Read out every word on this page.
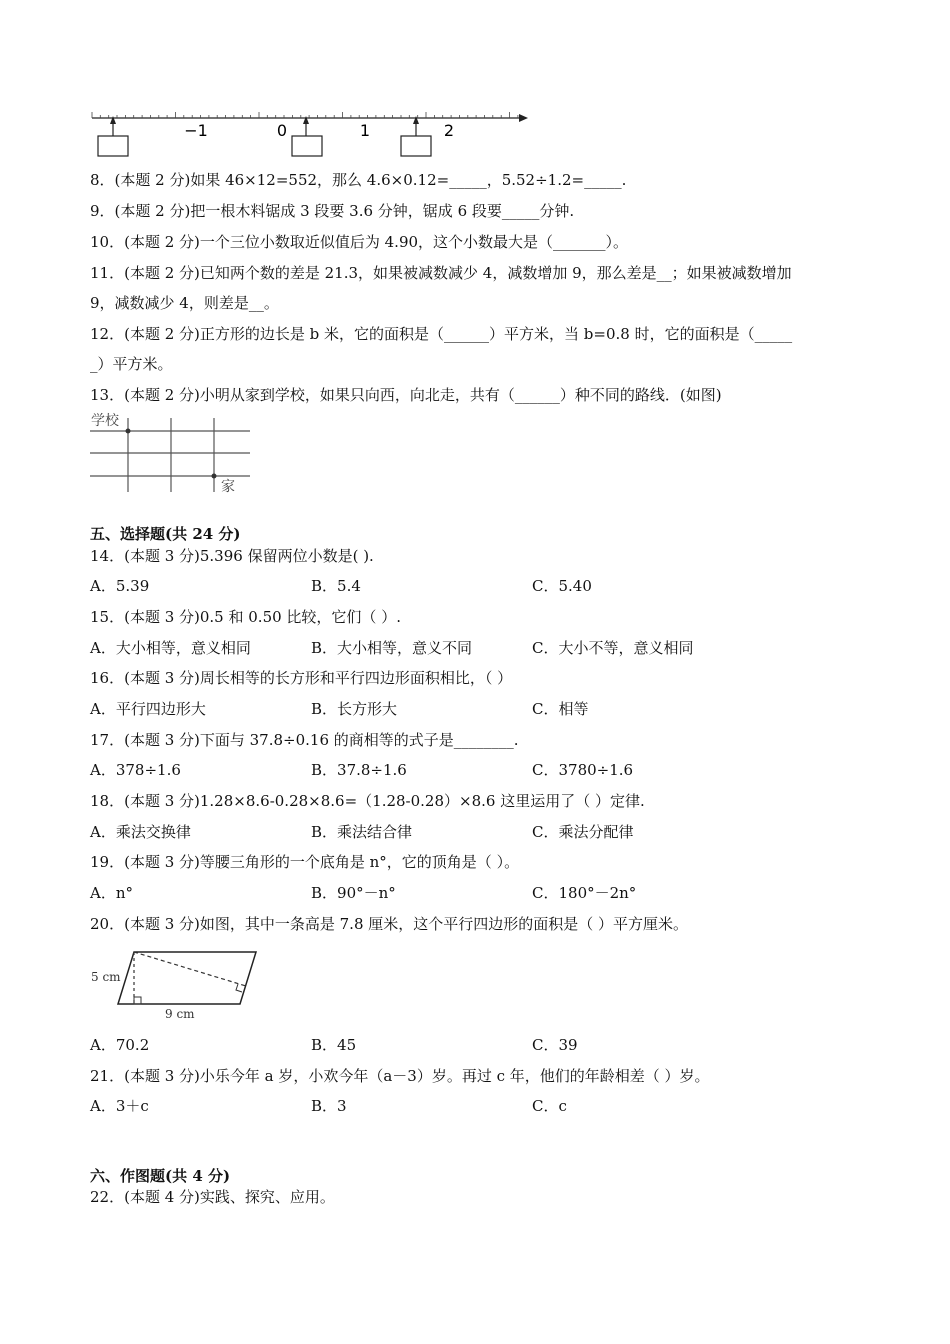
−1	0	1	2
8．(本题 2 分)如果 46×12=552，那么 4.6×0.12=_____，5.52÷1.2=_____.
9．(本题 2 分)把一根木料锯成 3 段要 3.6 分钟，锯成 6 段要_____分钟.
10．(本题 2 分)一个三位小数取近似值后为 4.90，这个小数最大是（_______）。
11．(本题 2 分)已知两个数的差是 21.3，如果被减数减少 4，减数增加 9，那么差是__；如果被减数增加
9，减数减少 4，则差是__。
12．(本题 2 分)正方形的边长是 b 米，它的面积是（______）平方米，当 b=0.8 时，它的面积是（_____
_）平方米。
13．(本题 2 分)小明从家到学校，如果只向西，向北走，共有（______）种不同的路线．(如图)
学校
家
五、选择题(共 24 分)
14．(本题 3 分)5.396 保留两位小数是( ).
A．5.39	B．5.4	C．5.40
15．(本题 3 分)0.5 和 0.50 比较，它们（ ）.
A．大小相等，意义相同	B．大小相等，意义不同	C．大小不等，意义相同
16．(本题 3 分)周长相等的长方形和平行四边形面积相比，（ ）
A．平行四边形大	B．长方形大	C．相等
17．(本题 3 分)下面与 37.8÷0.16 的商相等的式子是________.
A．378÷1.6	B．37.8÷1.6	C．3780÷1.6
18．(本题 3 分)1.28×8.6-0.28×8.6=（1.28-0.28）×8.6 这里运用了（ ）定律.
A．乘法交换律	B．乘法结合律	C．乘法分配律
19．(本题 3 分)等腰三角形的一个底角是 n°，它的顶角是（ ）。
A．n°	B．90°－n°	C．180°－2n°
20．(本题 3 分)如图，其中一条高是 7.8 厘米，这个平行四边形的面积是（ ）平方厘米。
5 cm
9 cm
A．70.2	B．45	C．39
21．(本题 3 分)小乐今年 a 岁，小欢今年（a－3）岁。再过 c 年，他们的年龄相差（ ）岁。
A．3＋c	B．3	C．c
六、作图题(共 4 分)
22．(本题 4 分)实践、探究、应用。
